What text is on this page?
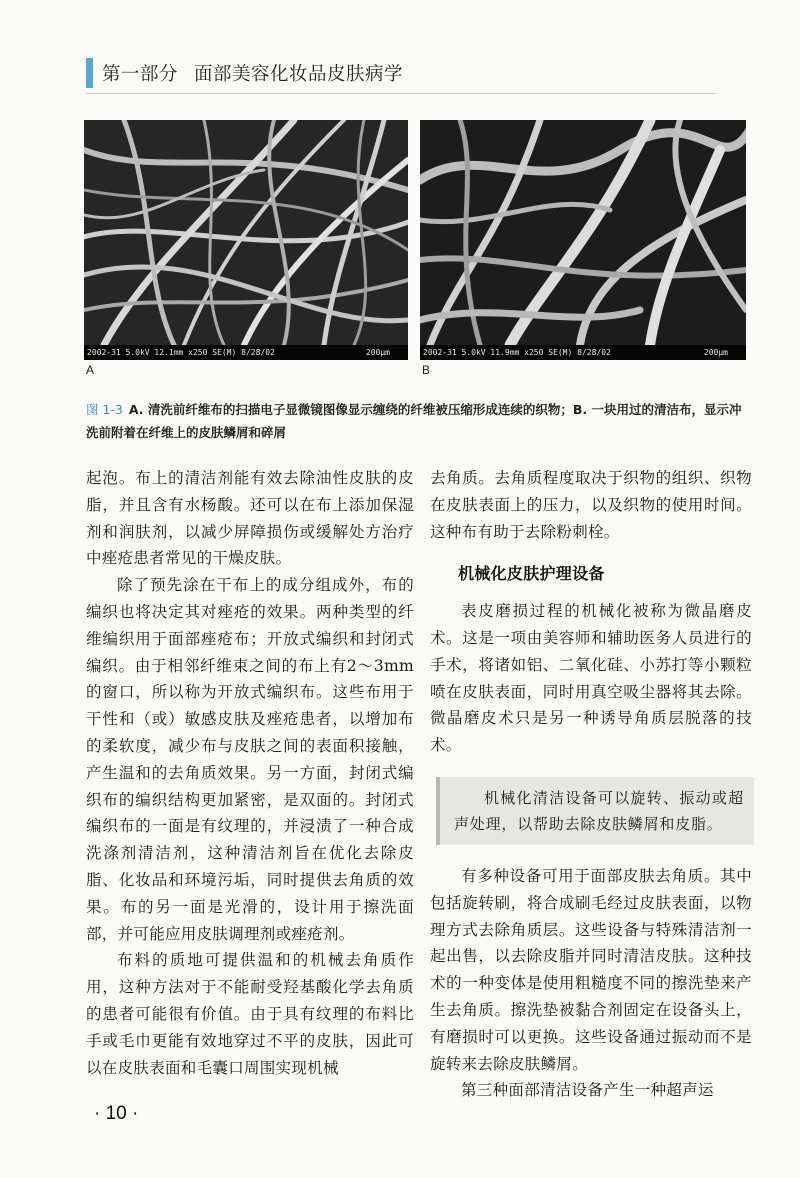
第一部分 面部美容化妆品皮肤病学
2002-31 5.0kV 12.1mm x250 SE(M) 8/28/02	200μm	2002-31 5.0kV 11.9mm x250 SE(M) 8/28/02	200μm
A	B
图 1-3 A. 清洗前纤维布的扫描电子显微镜图像显示缠绕的纤维被压缩形成连续的织物；B. 一块用过的清洁布，显示冲洗前附着在纤维上的皮肤鳞屑和碎屑

起泡。布上的清洁剂能有效去除油性皮肤的皮脂，并且含有水杨酸。还可以在布上添加保湿剂和润肤剂，以减少屏障损伤或缓解处方治疗中痤疮患者常见的干燥皮肤。

除了预先涂在干布上的成分组成外，布的编织也将决定其对痤疮的效果。两种类型的纤维编织用于面部痤疮布；开放式编织和封闭式编织。由于相邻纤维束之间的布上有2～3mm 的窗口，所以称为开放式编织布。这些布用于干性和（或）敏感皮肤及痤疮患者，以增加布的柔软度，减少布与皮肤之间的表面积接触，产生温和的去角质效果。另一方面，封闭式编织布的编织结构更加紧密，是双面的。封闭式编织布的一面是有纹理的，并浸渍了一种合成洗涤剂清洁剂，这种清洁剂旨在优化去除皮脂、化妆品和环境污垢，同时提供去角质的效果。布的另一面是光滑的，设计用于擦洗面部，并可能应用皮肤调理剂或痤疮剂。

布料的质地可提供温和的机械去角质作用，这种方法对于不能耐受羟基酸化学去角质的患者可能很有价值。由于具有纹理的布料比手或毛巾更能有效地穿过不平的皮肤，因此可以在皮肤表面和毛囊口周围实现机械

去角质。去角质程度取决于织物的组织、织物在皮肤表面上的压力，以及织物的使用时间。这种布有助于去除粉刺栓。

机械化皮肤护理设备

表皮磨损过程的机械化被称为微晶磨皮术。这是一项由美容师和辅助医务人员进行的手术，将诸如铝、二氧化硅、小苏打等小颗粒喷在皮肤表面，同时用真空吸尘器将其去除。微晶磨皮术只是另一种诱导角质层脱落的技术。

机械化清洁设备可以旋转、振动或超声处理，以帮助去除皮肤鳞屑和皮脂。

有多种设备可用于面部皮肤去角质。其中包括旋转刷，将合成刷毛经过皮肤表面，以物理方式去除角质层。这些设备与特殊清洁剂一起出售，以去除皮脂并同时清洁皮肤。这种技术的一种变体是使用粗糙度不同的擦洗垫来产生去角质。擦洗垫被黏合剂固定在设备头上，有磨损时可以更换。这些设备通过振动而不是旋转来去除皮肤鳞屑。

第三种面部清洁设备产生一种超声运

· 10 ·
